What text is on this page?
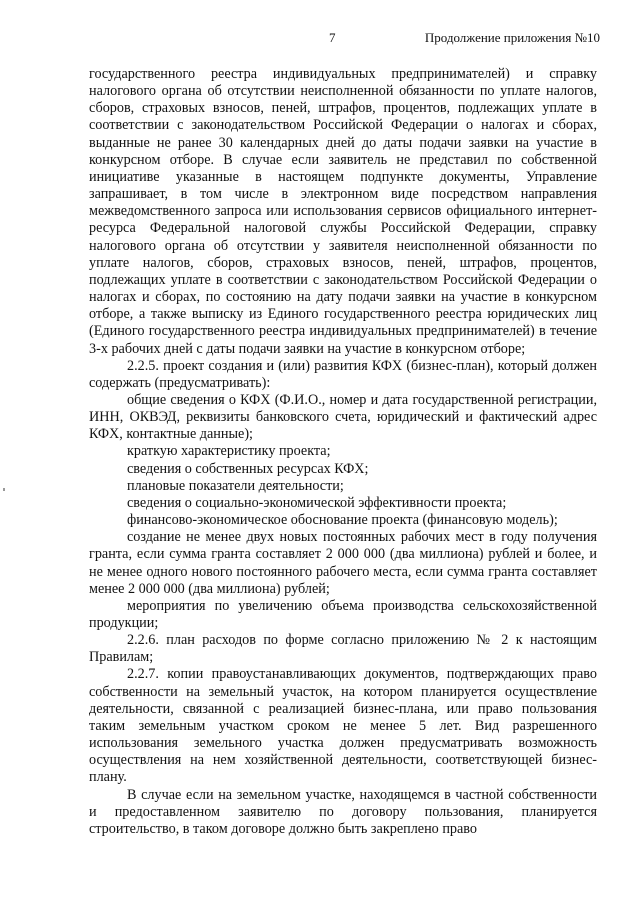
7	Продолжение приложения №10

государственного реестра индивидуальных предпринимателей) и справку налогового органа об отсутствии неисполненной обязанности по уплате налогов, сборов, страховых взносов, пеней, штрафов, процентов, подлежащих уплате в соответствии с законодательством Российской Федерации о налогах и сборах, выданные не ранее 30 календарных дней до даты подачи заявки на участие в конкурсном отборе. В случае если заявитель не представил по собственной инициативе указанные в настоящем подпункте документы, Управление запрашивает, в том числе в электронном виде посредством направления межведомственного запроса или использования сервисов официального интернет-ресурса Федеральной налоговой службы Российской Федерации, справку налогового органа об отсутствии у заявителя неисполненной обязанности по уплате налогов, сборов, страховых взносов, пеней, штрафов, процентов, подлежащих уплате в соответствии с законодательством Российской Федерации о налогах и сборах, по состоянию на дату подачи заявки на участие в конкурсном отборе, а также выписку из Единого государственного реестра юридических лиц (Единого государственного реестра индивидуальных предпринимателей) в течение 3-х рабочих дней с даты подачи заявки на участие в конкурсном отборе;

2.2.5. проект создания и (или) развития КФХ (бизнес-план), который должен содержать (предусматривать):

общие сведения о КФХ (Ф.И.О., номер и дата государственной регистрации, ИНН, ОКВЭД, реквизиты банковского счета, юридический и фактический адрес КФХ, контактные данные);

краткую характеристику проекта;

сведения о собственных ресурсах КФХ;

плановые показатели деятельности;

сведения о социально-экономической эффективности проекта;

финансово-экономическое обоснование проекта (финансовую модель);

создание не менее двух новых постоянных рабочих мест в году получения гранта, если сумма гранта составляет 2 000 000 (два миллиона) рублей и более, и не менее одного нового постоянного рабочего места, если сумма гранта составляет менее 2 000 000 (два миллиона) рублей;

мероприятия по увеличению объема производства сельскохозяйственной продукции;

2.2.6. план расходов по форме согласно приложению № 2 к настоящим Правилам;

2.2.7. копии правоустанавливающих документов, подтверждающих право собственности на земельный участок, на котором планируется осуществление деятельности, связанной с реализацией бизнес-плана, или право пользования таким земельным участком сроком не менее 5 лет. Вид разрешенного использования земельного участка должен предусматривать возможность осуществления на нем хозяйственной деятельности, соответствующей бизнес-плану.

В случае если на земельном участке, находящемся в частной собственности и предоставленном заявителю по договору пользования, планируется строительство, в таком договоре должно быть закреплено право
